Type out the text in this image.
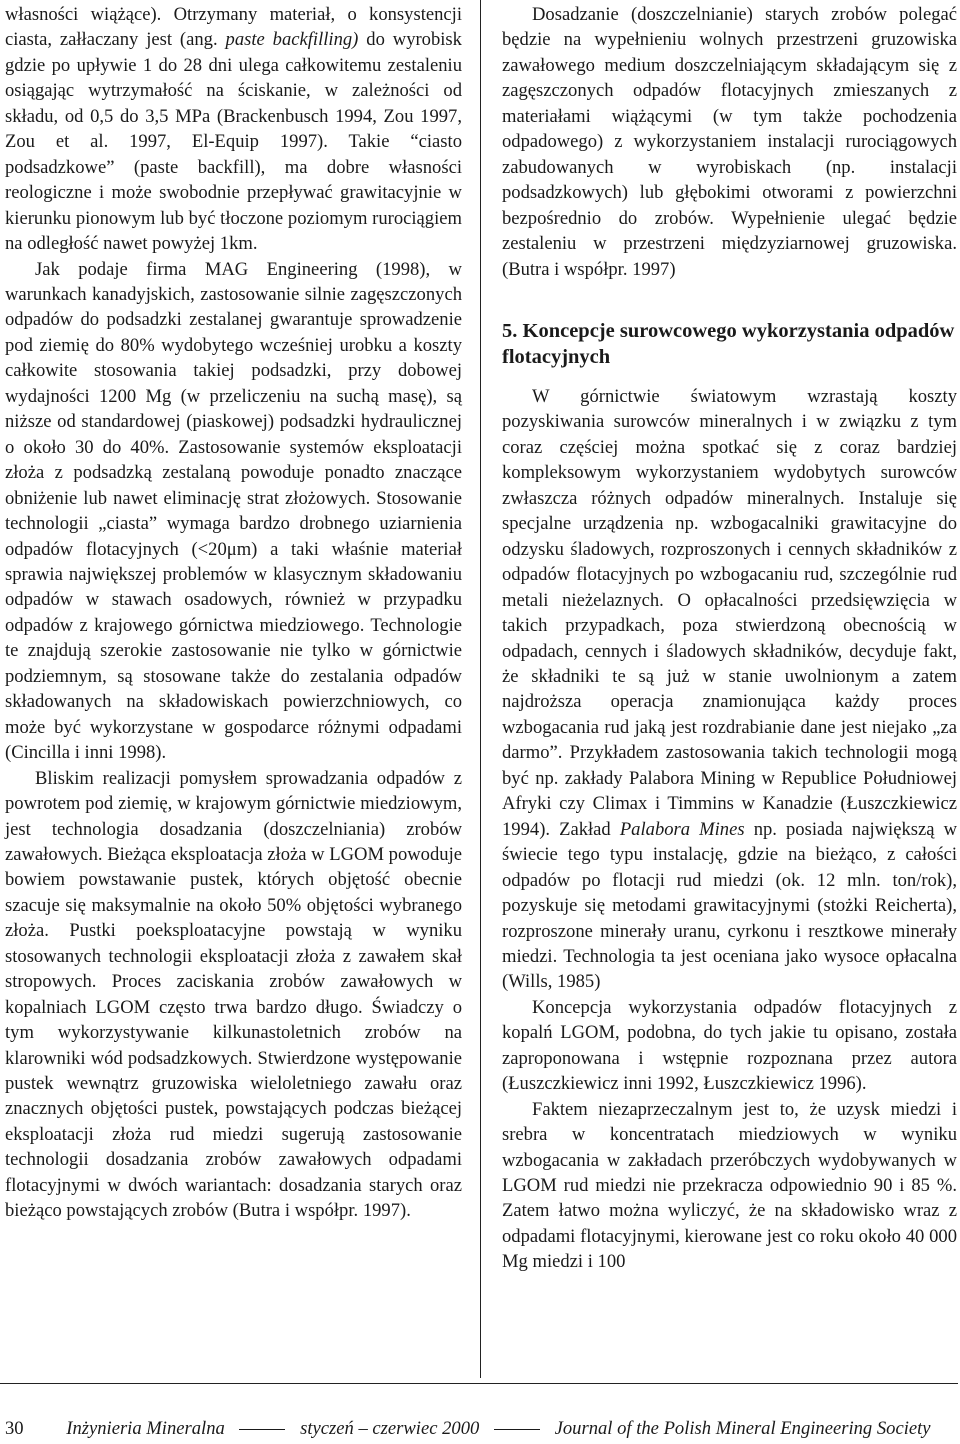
własności wiążące). Otrzymany materiał, o konsystencji ciasta, załłaczany jest (ang. paste backfilling) do wyrobisk gdzie po upływie 1 do 28 dni ulega całkowitemu zestaleniu osiągając wytrzymałość na ściskanie, w zależności od składu, od 0,5 do 3,5 MPa (Brackenbusch 1994, Zou 1997, Zou et al. 1997, El-Equip 1997). Takie “ciasto podsadzkowe” (paste backfill), ma dobre własności reologiczne i może swobodnie przepływać grawitacyjnie w kierunku pionowym lub być tłoczone poziomym rurociągiem na odległość nawet powyżej 1km.

Jak podaje firma MAG Engineering (1998), w warunkach kanadyjskich, zastosowanie silnie zagęszczonych odpadów do podsadzki zestalanej gwarantuje sprowadzenie pod ziemię do 80% wydobytego wcześniej urobku a koszty całkowite stosowania takiej podsadzki, przy dobowej wydajności 1200 Mg (w przeliczeniu na suchą masę), są niższe od standardowej (piaskowej) podsadzki hydraulicznej o około 30 do 40%. Zastosowanie systemów eksploatacji złoża z podsadzką zestalaną powoduje ponadto znaczące obniżenie lub nawet eliminację strat złożowych. Stosowanie technologii „ciasta” wymaga bardzo drobnego uziarnienia odpadów flotacyjnych (<20μm) a taki właśnie materiał sprawia największej problemów w klasycznym składowaniu odpadów w stawach osadowych, również w przypadku odpadów z krajowego górnictwa miedziowego. Technologie te znajdują szerokie zastosowanie nie tylko w górnictwie podziemnym, są stosowane także do zestalania odpadów składowanych na składowiskach powierzchniowych, co może być wykorzystane w gospodarce różnymi odpadami (Cincilla i inni 1998).

Bliskim realizacji pomysłem sprowadzania odpadów z powrotem pod ziemię, w krajowym górnictwie miedziowym, jest technologia dosadzania (doszczelniania) zrobów zawałowych. Bieżąca eksploatacja złoża w LGOM powoduje bowiem powstawanie pustek, których objętość obecnie szacuje się maksymalnie na około 50% objętości wybranego złoża. Pustki poeksploatacyjne powstają w wyniku stosowanych technologii eksploatacji złoża z zawałem skał stropowych. Proces zaciskania zrobów zawałowych w kopalniach LGOM często trwa bardzo długo. Świadczy o tym wykorzystywanie kilkunastoletnich zrobów na klarowniki wód podsadzkowych. Stwierdzone występowanie pustek wewnątrz gruzowiska wieloletniego zawału oraz znacznych objętości pustek, powstających podczas bieżącej eksploatacji złoża rud miedzi sugerują zastosowanie technologii dosadzania zrobów zawałowych odpadami flotacyjnymi w dwóch wariantach: dosadzania starych oraz bieżąco powstających zrobów (Butra i współpr. 1997).

Dosadzanie (doszczelnianie) starych zrobów polegać będzie na wypełnieniu wolnych przestrzeni gruzowiska zawałowego medium doszczelniającym składającym się z zagęszczonych odpadów flotacyjnych zmieszanych z materiałami wiążącymi (w tym także pochodzenia odpadowego) z wykorzystaniem instalacji rurociągowych zabudowanych w wyrobiskach (np. instalacji podsadzkowych) lub głębokimi otworami z powierzchni bezpośrednio do zrobów. Wypełnienie ulegać będzie zestaleniu w przestrzeni międzyziarnowej gruzowiska. (Butra i współpr. 1997)

5. Koncepcje surowcowego wykorzystania odpadów flotacyjnych

W górnictwie światowym wzrastają koszty pozyskiwania surowców mineralnych i w związku z tym coraz częściej można spotkać się z coraz bardziej kompleksowym wykorzystaniem wydobytych surowców zwłaszcza różnych odpadów mineralnych. Instaluje się specjalne urządzenia np. wzbogacalniki grawitacyjne do odzysku śladowych, rozproszonych i cennych składników z odpadów flotacyjnych po wzbogacaniu rud, szczególnie rud metali nieżelaznych. O opłacalności przedsięwzięcia w takich przypadkach, poza stwierdzoną obecnością w odpadach, cennych i śladowych składników, decyduje fakt, że składniki te są już w stanie uwolnionym a zatem najdroższa operacja znamionująca każdy proces wzbogacania rud jaką jest rozdrabianie dane jest niejako „za darmo”. Przykładem zastosowania takich technologii mogą być np. zakłady Palabora Mining w Republice Południowej Afryki czy Climax i Timmins w Kanadzie (Łuszczkiewicz 1994). Zakład Palabora Mines np. posiada największą w świecie tego typu instalację, gdzie na bieżąco, z całości odpadów po flotacji rud miedzi (ok. 12 mln. ton/rok), pozyskuje się metodami grawitacyjnymi (stożki Reicherta), rozproszone minerały uranu, cyrkonu i resztkowe minerały miedzi. Technologia ta jest oceniana jako wysoce opłacalna (Wills, 1985)

Koncepcja wykorzystania odpadów flotacyjnych z kopalń LGOM, podobna, do tych jakie tu opisano, została zaproponowana i wstępnie rozpoznana przez autora (Łuszczkiewicz inni 1992, Łuszczkiewicz 1996).

Faktem niezaprzeczalnym jest to, że uzysk miedzi i srebra w koncentratach miedziowych w wyniku wzbogacania w zakładach przeróbczych wydobywanych w LGOM rud miedzi nie przekracza odpowiednio 90 i 85 %. Zatem łatwo można wyliczyć, że na składowisko wraz z odpadami flotacyjnymi, kierowane jest co roku około 40 000 Mg miedzi i 100

30 Inżynieria Mineralna	styczeń – czerwiec 2000	Journal of the Polish Mineral Engineering Society
